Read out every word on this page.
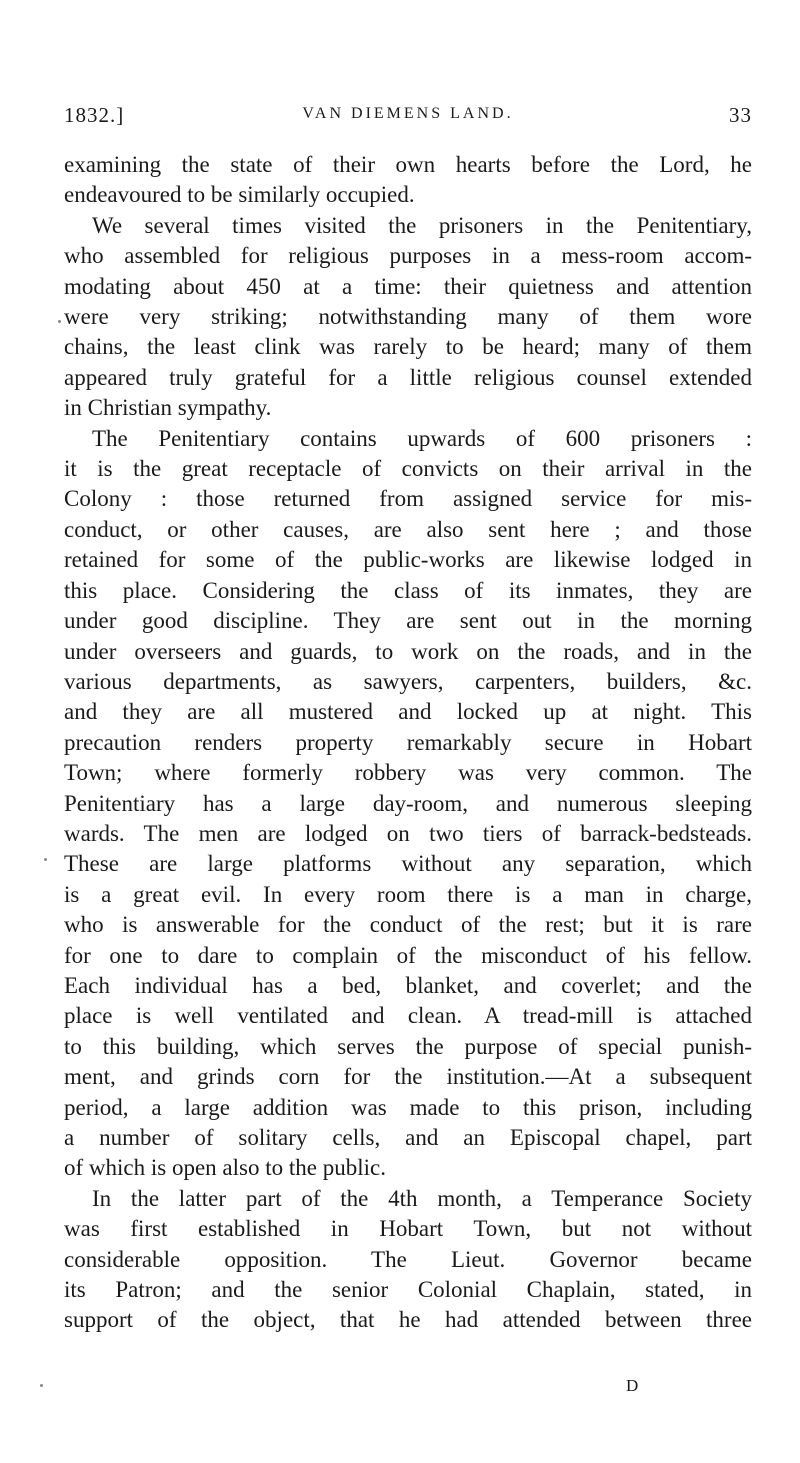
1832.]	VAN DIEMENS LAND.	33

examining the state of their own hearts before the Lord, he

endeavoured to be similarly occupied.

We several times visited the prisoners in the Penitentiary,

who assembled for religious purposes in a mess-room accom-

modating about 450 at a time: their quietness and attention

were very striking; notwithstanding many of them wore

chains, the least clink was rarely to be heard; many of them

appeared truly grateful for a little religious counsel extended

in Christian sympathy.

The Penitentiary contains upwards of 600 prisoners :

it is the great receptacle of convicts on their arrival in the

Colony : those returned from assigned service for mis-

conduct, or other causes, are also sent here ; and those

retained for some of the public-works are likewise lodged in

this place. Considering the class of its inmates, they are

under good discipline. They are sent out in the morning

under overseers and guards, to work on the roads, and in the

various departments, as sawyers, carpenters, builders, &c.

and they are all mustered and locked up at night. This

precaution renders property remarkably secure in Hobart

Town; where formerly robbery was very common. The

Penitentiary has a large day-room, and numerous sleeping

wards. The men are lodged on two tiers of barrack-bedsteads.

These are large platforms without any separation, which

is a great evil. In every room there is a man in charge,

who is answerable for the conduct of the rest; but it is rare

for one to dare to complain of the misconduct of his fellow.

Each individual has a bed, blanket, and coverlet; and the

place is well ventilated and clean. A tread-mill is attached

to this building, which serves the purpose of special punish-

ment, and grinds corn for the institution.—At a subsequent

period, a large addition was made to this prison, including

a number of solitary cells, and an Episcopal chapel, part

of which is open also to the public.

In the latter part of the 4th month, a Temperance Society

was first established in Hobart Town, but not without

considerable opposition. The Lieut. Governor became

its Patron; and the senior Colonial Chaplain, stated, in

support of the object, that he had attended between three

D
